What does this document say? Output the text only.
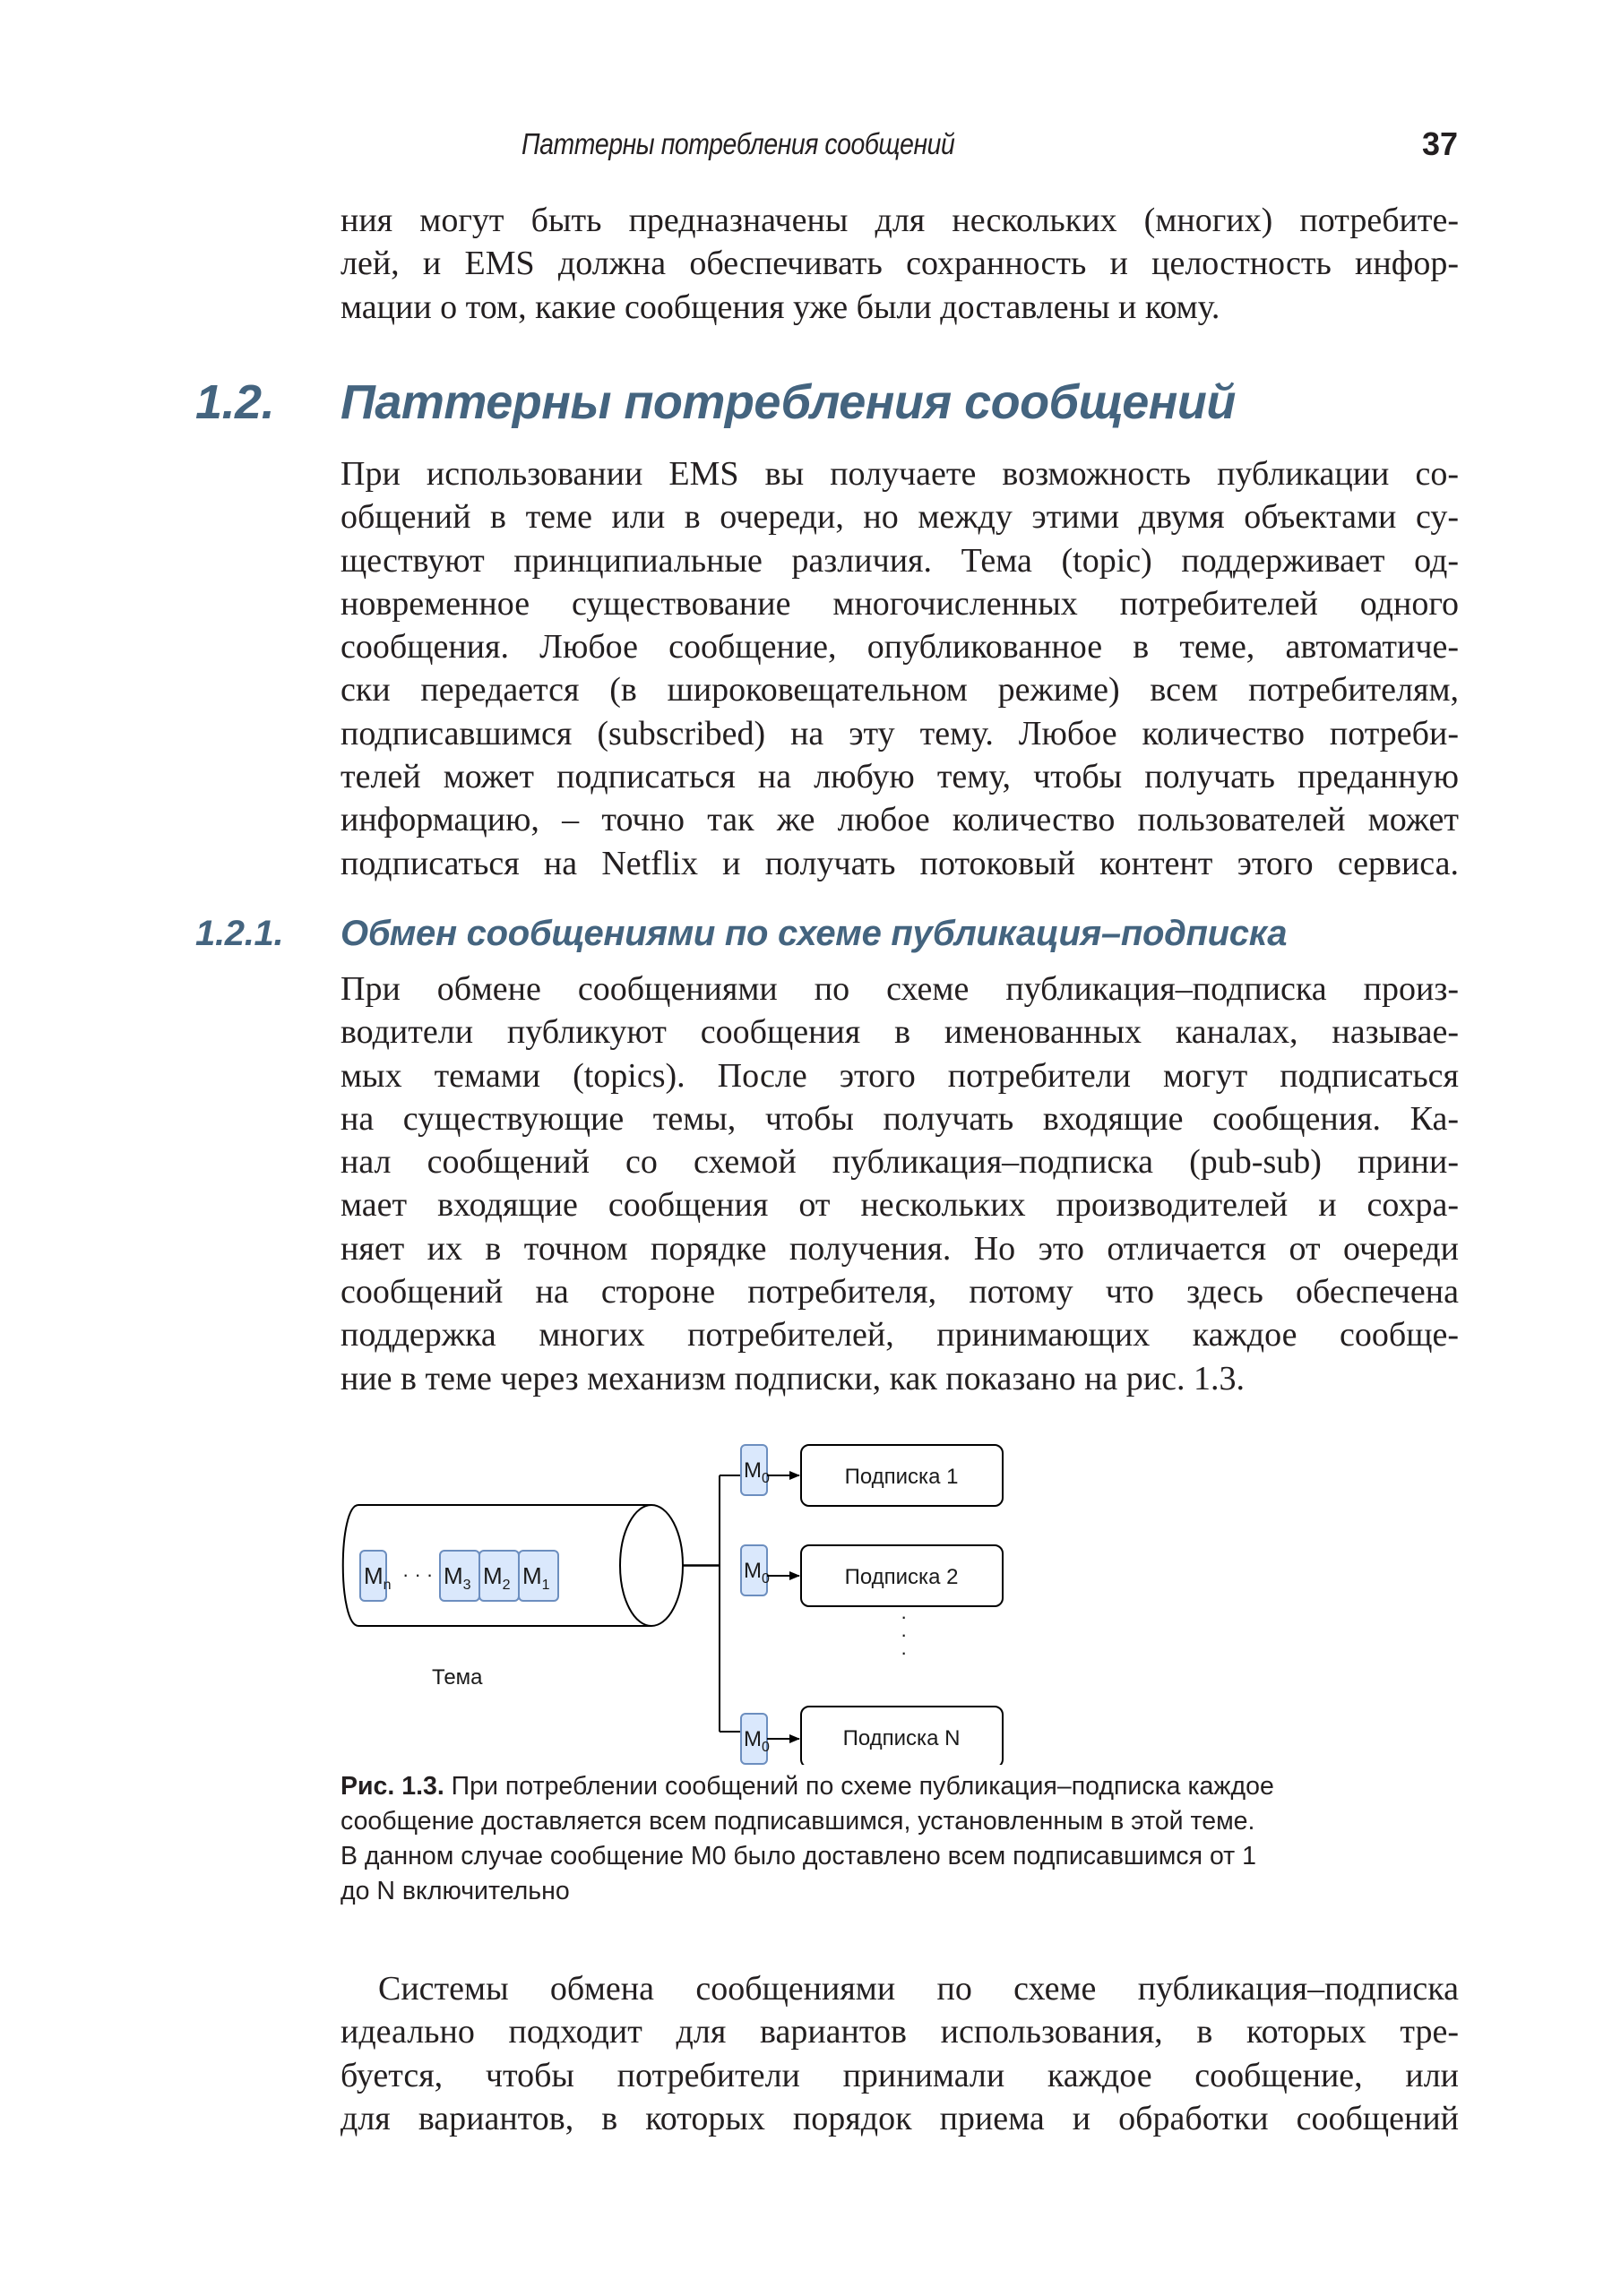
Паттерны потребления сообщений	37
ния могут быть предназначены для нескольких (многих) потребите-
лей, и EMS должна обеспечивать сохранность и целостность инфор-
мации о том, какие сообщения уже были доставлены и кому.
1.2. Паттерны потребления сообщений
При использовании EMS вы получаете возможность публикации со-
общений в теме или в очереди, но между этими двумя объектами су-
ществуют принципиальные различия. Тема (topic) поддерживает од-
новременное существование многочисленных потребителей одного
сообщения. Любое сообщение, опубликованное в теме, автоматиче-
ски передается (в широковещательном режиме) всем потребителям,
подписавшимся (subscribed) на эту тему. Любое количество потреби-
телей может подписаться на любую тему, чтобы получать преданную
информацию, – точно так же любое количество пользователей может
подписаться на Netflix и получать потоковый контент этого сервиса.
1.2.1. Обмен сообщениями по схеме публикация–подписка
При обмене сообщениями по схеме публикация–подписка произ-
водители публикуют сообщения в именованных каналах, называе-
мых темами (topics). После этого потребители могут подписаться
на существующие темы, чтобы получать входящие сообщения. Ка-
нал сообщений со схемой публикация–подписка (pub-sub) прини-
мает входящие сообщения от нескольких производителей и сохра-
няет их в точном порядке получения. Но это отличается от очереди
сообщений на стороне потребителя, потому что здесь обеспечена
поддержка многих потребителей, принимающих каждое сообще-
ние в теме через механизм подписки, как показано на рис. 1.3.
$M_n$ · · · $M_3$ $M_2$ $M_1$
Тема
$M_0$
$M_0$
$M_0$
Подписка 1
Подписка 2
·
·
·
Подписка N
Рис. 1.3. При потреблении сообщений по схеме публикация–подписка каждое
сообщение доставляется всем подписавшимся, установленным в этой теме.
В данном случае сообщение M0 было доставлено всем подписавшимся от 1
до N включительно
Системы обмена сообщениями по схеме публикация–подписка
идеально подходит для вариантов использования, в которых тре-
буется, чтобы потребители принимали каждое сообщение, или
для вариантов, в которых порядок приема и обработки сообщений
